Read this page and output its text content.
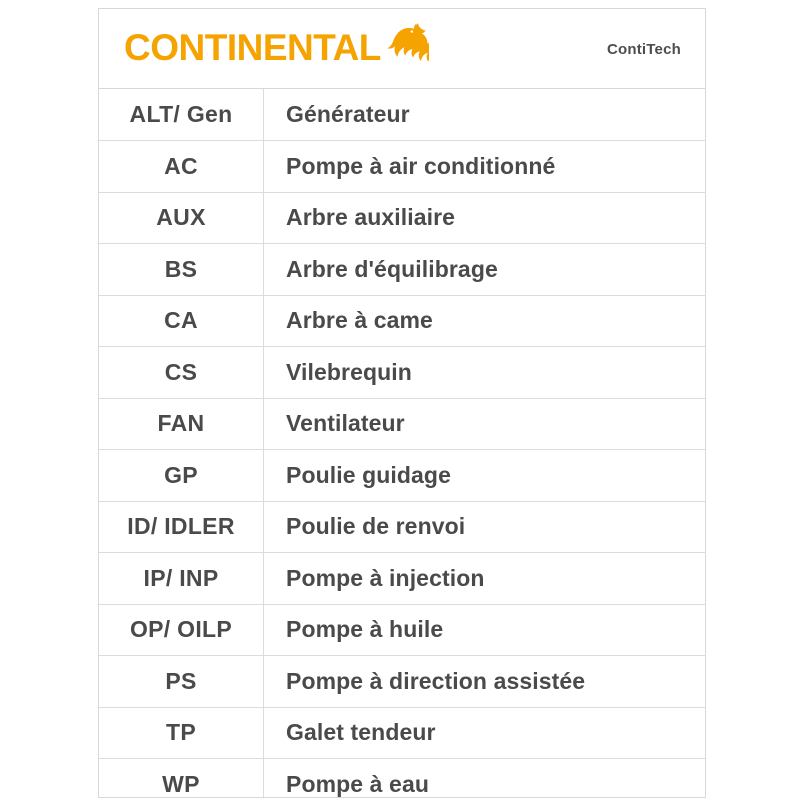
CONTINENTAL	ContiTech
ALT/ Gen	Générateur
AC	Pompe à air conditionné
AUX	Arbre auxiliaire
BS	Arbre d'équilibrage
CA	Arbre à came
CS	Vilebrequin
FAN	Ventilateur
GP	Poulie guidage
ID/ IDLER	Poulie de renvoi
IP/ INP	Pompe à injection
OP/ OILP	Pompe à huile
PS	Pompe à direction assistée
TP	Galet tendeur
WP	Pompe à eau
